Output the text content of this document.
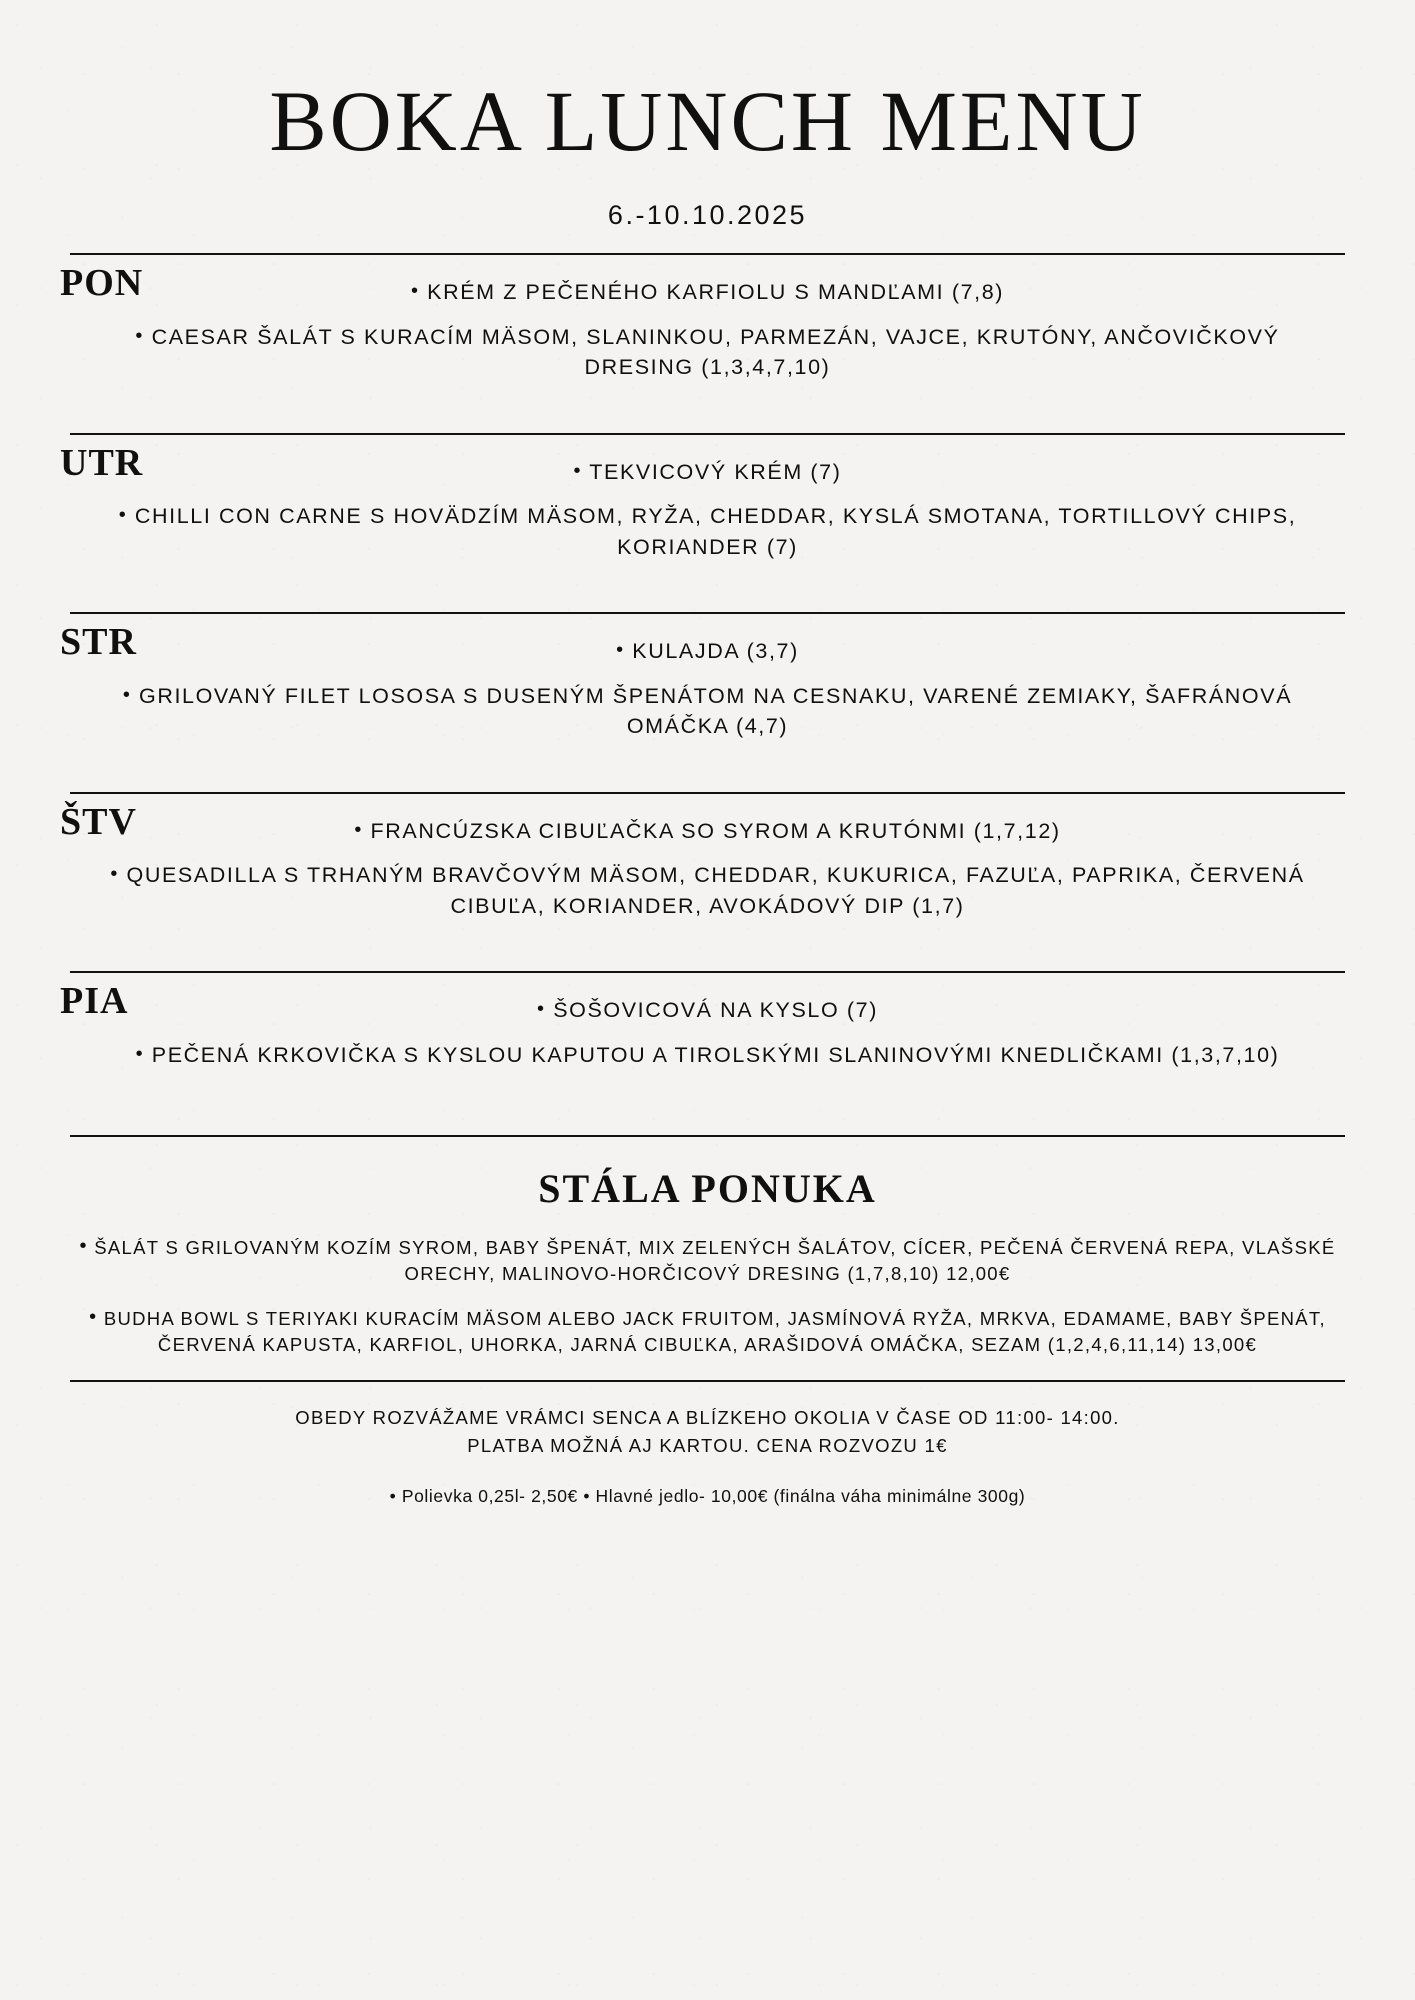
BOKA LUNCH MENU
6.-10.10.2025
PON	• KRÉM Z PEČENÉHO KARFIOLU S MANDĽAMI (7,8)
• CAESAR ŠALÁT S KURACÍM MÄSOM, SLANINKOU, PARMEZÁN, VAJCE, KRUTÓNY, ANČOVIČKOVÝ DRESING (1,3,4,7,10)
UTR	• TEKVICOVÝ KRÉM (7)
• CHILLI CON CARNE S HOVÄDZÍM MÄSOM, RYŽA, CHEDDAR, KYSLÁ SMOTANA, TORTILLOVÝ CHIPS, KORIANDER (7)
STR	• KULAJDA (3,7)
• GRILOVANÝ FILET LOSOSA S DUSENÝM ŠPENÁTOM NA CESNAKU, VARENÉ ZEMIAKY, ŠAFRÁNOVÁ OMÁČKA (4,7)
ŠTV	• FRANCÚZSKA CIBUĽAČKA SO SYROM A KRUTÓNMI (1,7,12)
• QUESADILLA S TRHANÝM BRAVČOVÝM MÄSOM, CHEDDAR, KUKURICA, FAZUĽA, PAPRIKA, ČERVENÁ CIBUĽA, KORIANDER, AVOKÁDOVÝ DIP (1,7)
PIA	• ŠOŠOVICOVÁ NA KYSLO (7)
• PEČENÁ KRKOVIČKA S KYSLOU KAPUTOU A TIROLSKÝMI SLANINOVÝMI KNEDLIČKAMI (1,3,7,10)
STÁLA PONUKA
• ŠALÁT S GRILOVANÝM KOZÍM SYROM, BABY ŠPENÁT, MIX ZELENÝCH ŠALÁTOV, CÍCER, PEČENÁ ČERVENÁ REPA, VLAŠSKÉ ORECHY, MALINOVO-HORČICOVÝ DRESING (1,7,8,10) 12,00€
• BUDHA BOWL S TERIYAKI KURACÍM MÄSOM ALEBO JACK FRUITOM, JASMÍNOVÁ RYŽA, MRKVA, EDAMAME, BABY ŠPENÁT, ČERVENÁ KAPUSTA, KARFIOL, UHORKA, JARNÁ CIBUĽKA, ARAŠIDOVÁ OMÁČKA, SEZAM (1,2,4,6,11,14) 13,00€
OBEDY ROZVÁŽAME VRÁMCI SENCA A BLÍZKEHO OKOLIA V ČASE OD 11:00- 14:00.
PLATBA MOŽNÁ AJ KARTOU. CENA ROZVOZU 1€
• Polievka 0,25l- 2,50€ • Hlavné jedlo- 10,00€ (finálna váha minimálne 300g)
